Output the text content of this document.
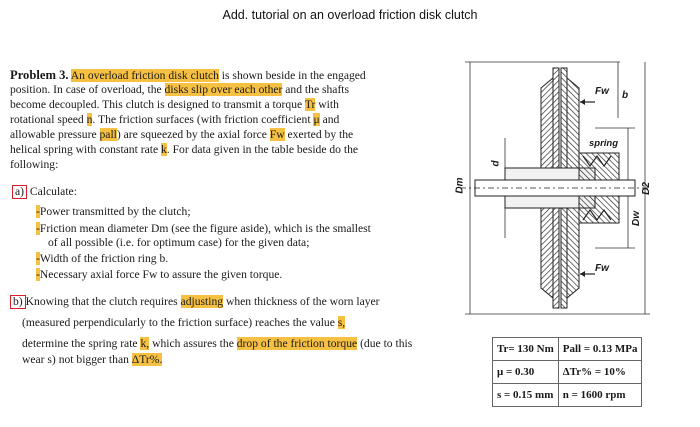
Add. tutorial on an overload friction disk clutch
Problem 3. An overload friction disk clutch is shown beside in the engaged
position. In case of overload, the disks slip over each other and the shafts
become decoupled. This clutch is designed to transmit a torque Tr with
rotational speed n. The friction surfaces (with friction coefficient μ and
allowable pressure pall) are squeezed by the axial force Fw exerted by the
helical spring with constant rate k. For data given in the table beside do the
following:
a) Calculate:
-Power transmitted by the clutch;
-Friction mean diameter Dm (see the figure aside), which is the smallest
of all possible (i.e. for optimum case) for the given data;
-Width of the friction ring b.
-Necessary axial force Fw to assure the given torque.
b) Knowing that the clutch requires adjusting when thickness of the worn layer
(measured perpendicularly to the friction surface) reaches the value s,
determine the spring rate k, which assures the drop of the friction torque (due to this
wear s) not bigger than ΔTr%.
Fw
Fw
spring
b
Dm
d
Dw
D2
Tr= 130 Nm	Pall = 0.13 MPa
μ = 0.30	ΔTr% = 10%
s = 0.15 mm	n = 1600 rpm
